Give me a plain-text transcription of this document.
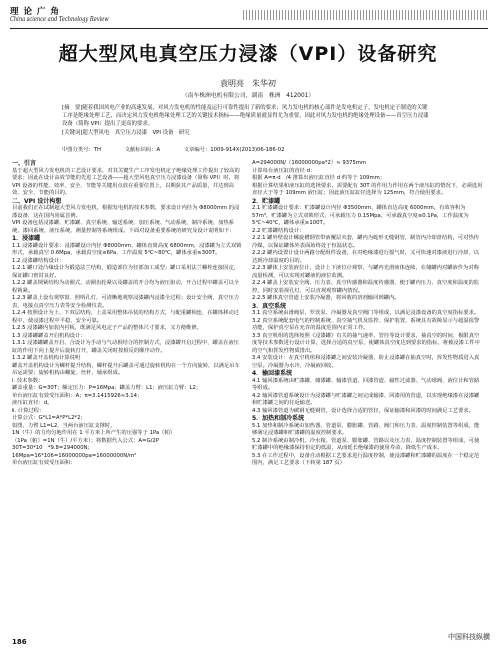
理 论 广 角
China science and Technology Review
超大型风电真空压力浸漆（VPI）设备研究
袁明亮　朱华初
（南车株洲电机有限公司，湖南　株洲　412001）

[摘　要]随着我国风电产业的高速发展，对风力发电机的性能及运行可靠性提出了新的要求；风力发电机的核心部件是发电机定子，发电机定子制造的关键工序是绝缘处理工艺，而决定风力发电机绝缘处理工艺的关键技术指标——绝缘质量就显得尤为重要，因此对风力发电机的绝缘处理设备——真空压力浸漆设备（简称 VPI）提出了更高的要求。

[关键词]超大型风电　真空压力浸漆　VPI 设备　研究

中图分类号：TH	文献标识码：A	文章编号：1009-914X(2013)06-186-02

一、引言

基于超大型风力发电机的工艺设计要求，对其关键生产工序发电机定子绝缘处理工作提出了较高的要求；因此在设计高效节能的先进工艺设备——超大型风电真空压力浸漆设备（简称 VPI）时，将 VPI 设备的性能、效率、安全、节能等关键用点放在重要位置上，以期获其产品质量，并达到高效、安全、节能的目的。

二、VPI 设计构想

目前我们正在试制超大型风力发电机，根据发电机的技术参数，要求设计内径为 Φ8000mm 的浸漆设备，这在国内尚属首例。

VPI 设备包括浸漆罐、贮漆罐、真空系统、输送系统、加压系统、气动系统、制冷系统、加热系统、漆回系统、液压系统、测量控制等系统组成。下面对设备重要系统的研究及设计说明如下：

1．浸漆罐

1.1 浸漆罐设计要求：浸漆罐设计内径 Φ8000mm，罐体直筒高度 6800mm，浸漆罐为立式双锁形式，承载真空 0.6Mpa，承载真空度≤6Pa，工作温度 5℃~80℃，罐体承重≥300T。

1.2 浸漆罐结构设计：

1.2.1 罐口处凸缘设计为锻造法兰结构，锻造部位为径部加工成型；罐口采用法兰螺栓连接固定，保证罐口密封良好。

1.2.2 罐盖锁紧结构为动圈式，动圈齿轮紧以及罐盖的开合均为液压驱动，开合过程中罐盖可以全程锁紧。

1.2.3 罐盖上设有观察窗、照明孔灯，可清晰地观察浸漆罐内浸漆全过程；设计安全阀、真空压力表、电接点真空压力表等安全检测仪表。

1.2.4 按照设计为上、下双层结构，上盖采用整体吊装的结构方式，与配重罐相连，在罐体移动过程中，使浸漆过程中平稳，安全可靠。

1.2.5 浸漆罐内加装内衬板，既满足风电定子产品的整体尺寸要求，又方便维修。

1.3 浸漆罐罐盖开启机构设计：

1.3.1 浸漆罐罐盖开启、合设计为手动与气动相结合的控制方式，浸漆罐开启过程中，罐盖在液压缸的作用下向上提升后旋转打开，罐盖关闭时按相反的顺序动作。

1.3.2 罐盖开盖机构计算说明

罐盖开盖机构设计为螺杆提升结构，螺杆提升后罐盖可通过旋转机构在一个方向旋转，以满足吊车吊运需要；旋转机构由螺旋、丝杆、轴承组成。

ⅰ. 技术参数：

罐盖重量：G=30T；额定压力：P=16Mpa；罐盖力臂：L1；液压缸力臂：L2；

单台液压缸有效受压面积：A；π=3.1415926≈3.14；

液压缸直径：d。

ⅱ. 计算过程：

计算公式：G*L1=A*P*L2*2；

如图，力臂 L1=L2，当两台液压缸支撑时，

1N（牛）的力均匀地作用在 1 平方米上所产生的压强等于 1Pa（帕）

（1Pa（帕）=1N（牛）/平方米）；将数据代入公式：A=G/2P

30T=30*10　*9.8=294000N；

16Mpa=16*106=16000000pa=16000000N/m²

单台液压缸有效受压面积：

A=294000N/（16000000pa*2）≈ 9375mm

计算每台液压缸的直径 d：

根据 A=π·d　/4 推算出液压缸直径 d 约等于 109mm；

根据计算结果和液压缸的选择要求，需要配有 30T 的作用力作用在两个液压缸的情况下，必须选用直径大于等于 109mm 液压缸；因此液压缸缸径选择为 125mm，符合使用要求。

2．贮漆罐

2.1 贮漆罐设计要求：贮漆罐设计内径 Φ3500mm，罐体直边高度 6000mm，有效容积为 57m³，贮漆罐为立式双锁形式，可承载压力 0.15Mpa，可承载真空度≤0.1Pa，工作温度为 5℃~40℃，罐体承重≥100T。

2.2 贮漆罐结构设计：

2.2.1 罐外壁设计螺旋槽钢管带液覆层夹套，罐内为蛇形无缝钢管，制管内冷却盘结构，可对热传冷媒，以保证罐体外表面始终处于恒温状态。

2.2.2 罐内设置计设计两路分配组件设备，在对绝缘漆进行搅气时，又可快速对漆液进行冷却，以达到冷却温度的目的。

2.2.3 罐体上安装液位计，设计上下液位计观察，与罐内光滑液体连续，在储罐内对罐液作为对称流量检测，可以实现对罐液的液位监测。

2.2.4 罐盖上安装安全阀、压力表、真空传感器和温度传感器，便于罐内压力、真空度和温度的监控，同时安装视孔灯，可以直观观察罐内情况。

2.2.5 罐体真空管道上安装冷凝器，将回收的溶剂输回到罐内。

3．真空系统

3.1 真空系统由滑阀泵、罗茨泵、冷凝器及真空阀门等组成，以满足浸漆设备的真空度指标要求。

3.2 真空系统配套电气的控制系统、真空抽气机及监控、保护装置，系统具有故障显示与超温报警功能，保护真空泵在允许的温度范围内正常工作。

3.3 真空机组的选择按照《浸漆罐》有关的抽气速率、管径等设计要求，抽真空的时间、极限真空度等技术参数进行设计计算，选择合适的真空泵，使罐体真空度达到要求的指标，将被浸漆工件中的空气和挥发性物质排出。

3.4 安装设计：在真空机组和浸漆罐之间安装冷凝器，防止浸漆罐在抽真空时，挥发性物质进入真空泵。冷凝器为水冷，冷凝液回收。

4．输回漆系统

4.1 输回漆系统由贮漆罐、储漆罐、输漆管道、回漆管道、磁性过滤器、气动球阀、液位计和管路等组成。

4.2 输回漆管道系统设计为浸漆罐与贮漆罐之间完成输漆、回漆用的管道，以实现绝缘漆在浸漆罐和贮漆罐之间的往返输送。

4.3 输回漆管道为碳钢无缝钢管，设计选择合适的管径，保证输漆和回漆的时间满足工艺要求。

5．加热和制冷系统

5.1 加热和制冷系统由加热器、管道泵、膨胀罐、管路、阀门和压力表、温度控制装置等组成，能够满足浸漆罐和贮漆罐的温度控制要求。

5.2 制冷系统由制冷机、冷水箱、管道泵、膨胀罐、管路以及压力表、温度控制装置等组成，可使贮漆罐中的绝缘漆保持恒定的低温，从而延长绝缘漆的使用寿命，降低生产成本。

5.3 在工作过程中，设备自动根据工艺要求进行温度控制，使浸漆罐和贮漆罐的温度在一个稳定范围内，满足工艺要求（下转第 187 页）

186
中国科技纵横
